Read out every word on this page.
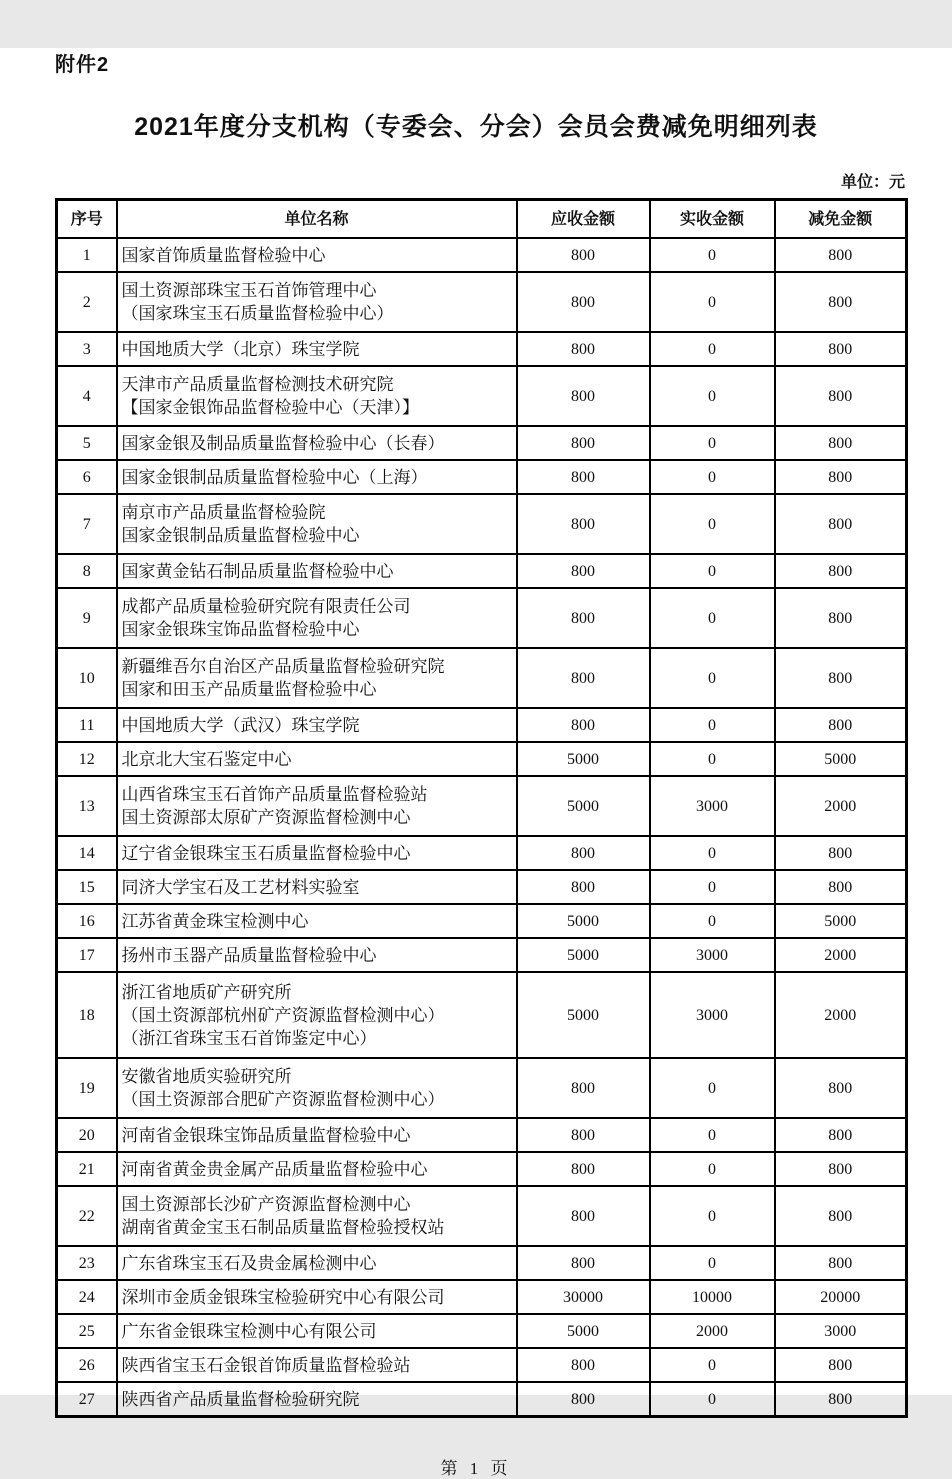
附件2
2021年度分支机构（专委会、分会）会员会费减免明细列表
单位：元
序号	单位名称	应收金额	实收金额	减免金额
1	国家首饰质量监督检验中心	800	0	800
2	国土资源部珠宝玉石首饰管理中心
（国家珠宝玉石质量监督检验中心）	800	0	800
3	中国地质大学（北京）珠宝学院	800	0	800
4	天津市产品质量监督检测技术研究院
【国家金银饰品监督检验中心（天津）】	800	0	800
5	国家金银及制品质量监督检验中心（长春）	800	0	800
6	国家金银制品质量监督检验中心（上海）	800	0	800
7	南京市产品质量监督检验院
国家金银制品质量监督检验中心	800	0	800
8	国家黄金钻石制品质量监督检验中心	800	0	800
9	成都产品质量检验研究院有限责任公司
国家金银珠宝饰品监督检验中心	800	0	800
10	新疆维吾尔自治区产品质量监督检验研究院
国家和田玉产品质量监督检验中心	800	0	800
11	中国地质大学（武汉）珠宝学院	800	0	800
12	北京北大宝石鉴定中心	5000	0	5000
13	山西省珠宝玉石首饰产品质量监督检验站
国土资源部太原矿产资源监督检测中心	5000	3000	2000
14	辽宁省金银珠宝玉石质量监督检验中心	800	0	800
15	同济大学宝石及工艺材料实验室	800	0	800
16	江苏省黄金珠宝检测中心	5000	0	5000
17	扬州市玉器产品质量监督检验中心	5000	3000	2000
18	浙江省地质矿产研究所
（国土资源部杭州矿产资源监督检测中心）
（浙江省珠宝玉石首饰鉴定中心）	5000	3000	2000
19	安徽省地质实验研究所
（国土资源部合肥矿产资源监督检测中心）	800	0	800
20	河南省金银珠宝饰品质量监督检验中心	800	0	800
21	河南省黄金贵金属产品质量监督检验中心	800	0	800
22	国土资源部长沙矿产资源监督检测中心
湖南省黄金宝玉石制品质量监督检验授权站	800	0	800
23	广东省珠宝玉石及贵金属检测中心	800	0	800
24	深圳市金质金银珠宝检验研究中心有限公司	30000	10000	20000
25	广东省金银珠宝检测中心有限公司	5000	2000	3000
26	陕西省宝玉石金银首饰质量监督检验站	800	0	800
27	陕西省产品质量监督检验研究院	800	0	800
第 1 页
